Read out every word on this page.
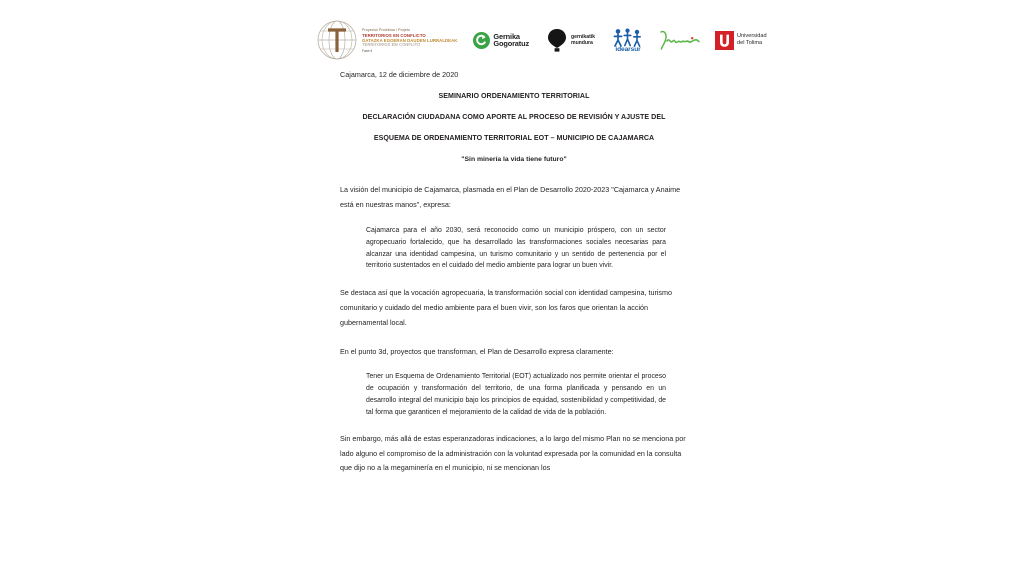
Proyectu/ Proiektua / Projeto
TERRITORIOS EN CONFLICTO
GATAZKA EGOERAN DAUDEN LURRALDEAK
TERRITORIOS EM CONFLITO
Fase II
Gernika
Gogoratuz
gernikatik
mundura
idearsur
Universidad
del Tolima
Cajamarca, 12 de diciembre de 2020
SEMINARIO ORDENAMIENTO TERRITORIAL
DECLARACIÓN CIUDADANA COMO APORTE AL PROCESO DE REVISIÓN Y AJUSTE DEL
ESQUEMA DE ORDENAMIENTO TERRITORIAL EOT – MUNICIPIO DE CAJAMARCA
"Sin minería la vida tiene futuro"
La visión del municipio de Cajamarca, plasmada en el Plan de Desarrollo 2020-2023 "Cajamarca y Anaime está en nuestras manos", expresa:
Cajamarca para el año 2030, será reconocido como un municipio próspero, con un sector agropecuario fortalecido, que ha desarrollado las transformaciones sociales necesarias para alcanzar una identidad campesina, un turismo comunitario y un sentido de pertenencia por el territorio sustentados en el cuidado del medio ambiente para lograr un buen vivir.
Se destaca así que la vocación agropecuaria, la transformación social con identidad campesina, turismo comunitario y cuidado del medio ambiente para el buen vivir, son los faros que orientan la acción gubernamental local.
En el punto 3d, proyectos que transforman, el Plan de Desarrollo expresa claramente:
Tener un Esquema de Ordenamiento Territorial (EOT) actualizado nos permite orientar el proceso de ocupación y transformación del territorio, de una forma planificada y pensando en un desarrollo integral del municipio bajo los principios de equidad, sostenibilidad y competitividad, de tal forma que garanticen el mejoramiento de la calidad de vida de la población.
Sin embargo, más allá de estas esperanzadoras indicaciones, a lo largo del mismo Plan no se menciona por lado alguno el compromiso de la administración con la voluntad expresada por la comunidad en la consulta que dijo no a la megaminería en el municipio, ni se mencionan los
